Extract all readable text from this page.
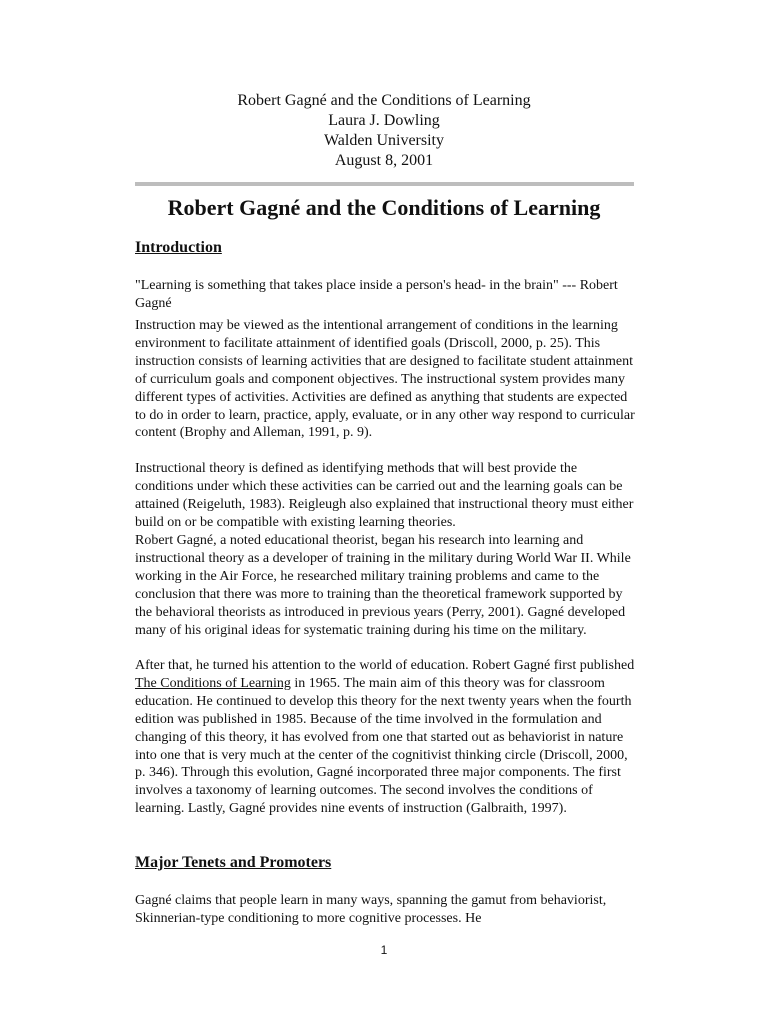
Robert Gagné and the Conditions of Learning
Laura J. Dowling
Walden University
August 8, 2001
Robert Gagné and the Conditions of Learning
Introduction

"Learning is something that takes place inside a person's head- in the brain" --- Robert Gagné

Instruction may be viewed as the intentional arrangement of conditions in the learning environment to facilitate attainment of identified goals (Driscoll, 2000, p. 25). This instruction consists of learning activities that are designed to facilitate student attainment of curriculum goals and component objectives. The instructional system provides many different types of activities. Activities are defined as anything that students are expected to do in order to learn, practice, apply, evaluate, or in any other way respond to curricular content (Brophy and Alleman, 1991, p. 9).

Instructional theory is defined as identifying methods that will best provide the conditions under which these activities can be carried out and the learning goals can be attained (Reigeluth, 1983). Reigleugh also explained that instructional theory must either build on or be compatible with existing learning theories.

Robert Gagné, a noted educational theorist, began his research into learning and instructional theory as a developer of training in the military during World War II. While working in the Air Force, he researched military training problems and came to the conclusion that there was more to training than the theoretical framework supported by the behavioral theorists as introduced in previous years (Perry, 2001). Gagné developed many of his original ideas for systematic training during his time on the military.

After that, he turned his attention to the world of education. Robert Gagné first published The Conditions of Learning in 1965. The main aim of this theory was for classroom education. He continued to develop this theory for the next twenty years when the fourth edition was published in 1985. Because of the time involved in the formulation and changing of this theory, it has evolved from one that started out as behaviorist in nature into one that is very much at the center of the cognitivist thinking circle (Driscoll, 2000, p. 346). Through this evolution, Gagné incorporated three major components. The first involves a taxonomy of learning outcomes. The second involves the conditions of learning. Lastly, Gagné provides nine events of instruction (Galbraith, 1997).

Major Tenets and Promoters

Gagné claims that people learn in many ways, spanning the gamut from behaviorist, Skinnerian-type conditioning to more cognitive processes. He

1
